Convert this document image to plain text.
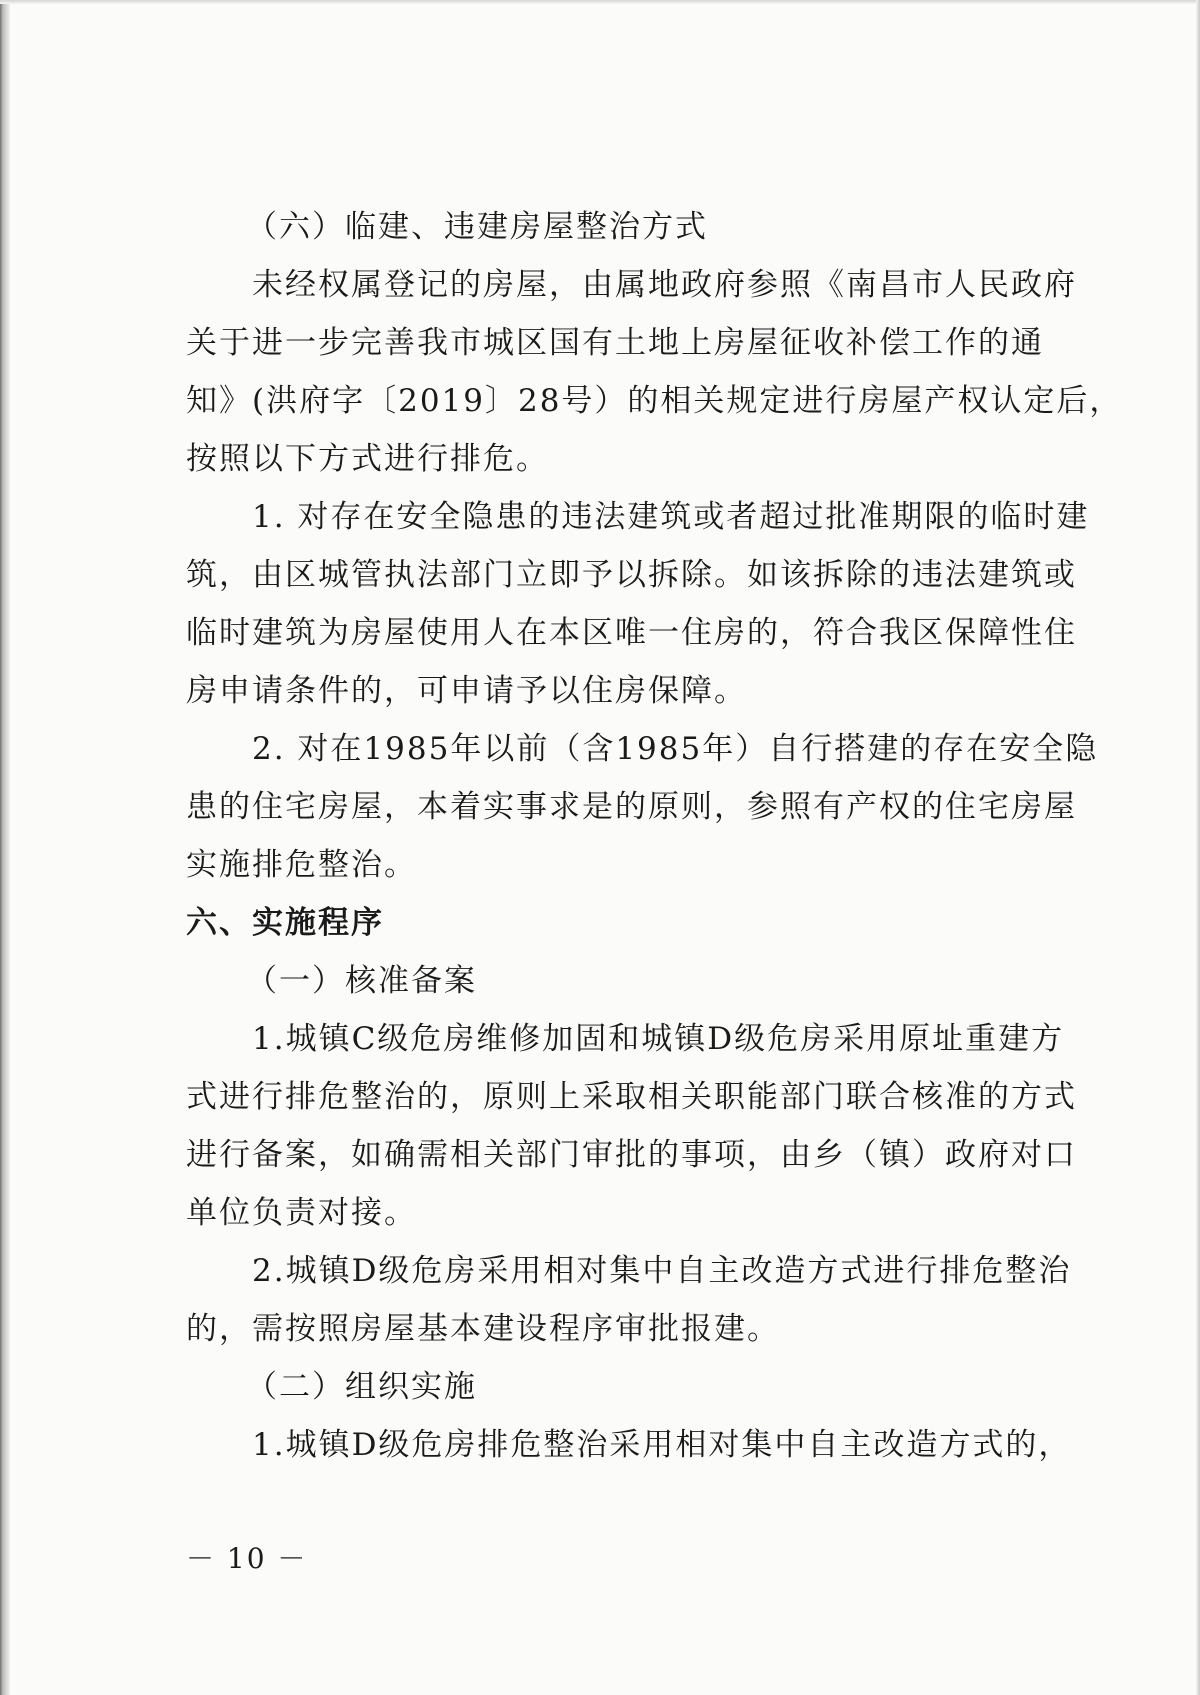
（六）临建、违建房屋整治方式
未经权属登记的房屋，由属地政府参照《南昌市人民政府
关于进一步完善我市城区国有土地上房屋征收补偿工作的通
知》(洪府字〔2019〕28号）的相关规定进行房屋产权认定后，
按照以下方式进行排危。
1. 对存在安全隐患的违法建筑或者超过批准期限的临时建
筑，由区城管执法部门立即予以拆除。如该拆除的违法建筑或
临时建筑为房屋使用人在本区唯一住房的，符合我区保障性住
房申请条件的，可申请予以住房保障。
2. 对在1985年以前（含1985年）自行搭建的存在安全隐
患的住宅房屋，本着实事求是的原则，参照有产权的住宅房屋
实施排危整治。
六、实施程序
（一）核准备案
1.城镇C级危房维修加固和城镇D级危房采用原址重建方
式进行排危整治的，原则上采取相关职能部门联合核准的方式
进行备案，如确需相关部门审批的事项，由乡（镇）政府对口
单位负责对接。
2.城镇D级危房采用相对集中自主改造方式进行排危整治
的，需按照房屋基本建设程序审批报建。
（二）组织实施
1.城镇D级危房排危整治采用相对集中自主改造方式的，
－ 10 －
